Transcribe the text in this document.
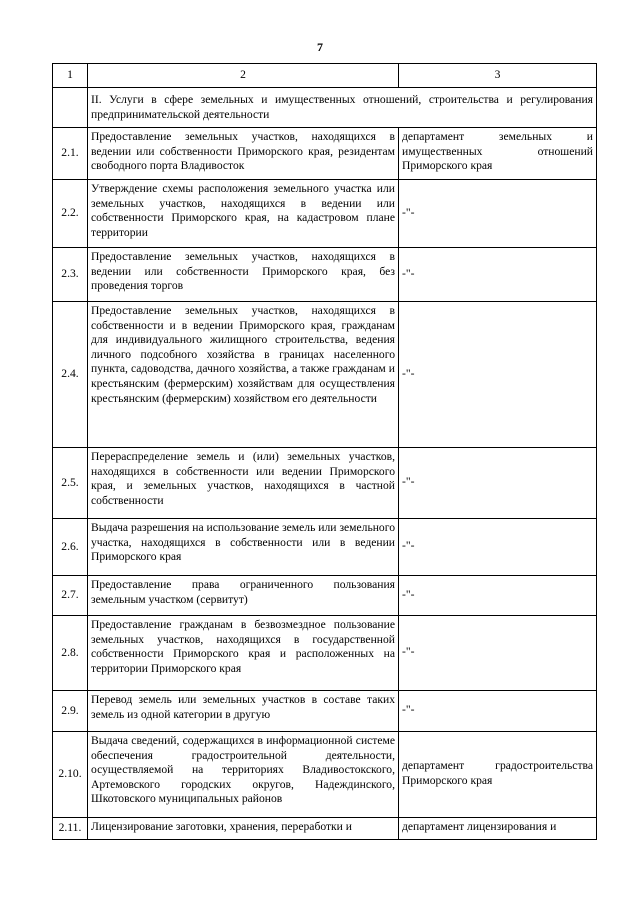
7
1	2	3
	II. Услуги в сфере земельных и имущественных отношений, строительства и регулирования предпринимательской деятельности	
2.1.	Предоставление земельных участков, находящихся в ведении или собственности Приморского края, резидентам свободного порта Владивосток	департамент земельных и имущественных отношений Приморского края
2.2.	Утверждение схемы расположения земельного участка или земельных участков, находящихся в ведении или собственности Приморского края, на кадастровом плане территории	-"-
2.3.	Предоставление земельных участков, находящихся в ведении или собственности Приморского края, без проведения торгов	-"-
2.4.	Предоставление земельных участков, находящихся в собственности и в ведении Приморского края, гражданам для индивидуального жилищного строительства, ведения личного подсобного хозяйства в границах населенного пункта, садоводства, дачного хозяйства, а также гражданам и крестьянским (фермерским) хозяйствам для осуществления крестьянским (фермерским) хозяйством его деятельности	-"-
2.5.	Перераспределение земель и (или) земельных участков, находящихся в собственности или ведении Приморского края, и земельных участков, находящихся в частной собственности	-"-
2.6.	Выдача разрешения на использование земель или земельного участка, находящихся в собственности или в ведении Приморского края	-"-
2.7.	Предоставление права ограниченного пользования земельным участком (сервитут)	-"-
2.8.	Предоставление гражданам в безвозмездное пользование земельных участков, находящихся в государственной собственности Приморского края и расположенных на территории Приморского края	-"-
2.9.	Перевод земель или земельных участков в составе таких земель из одной категории в другую	-"-
2.10.	Выдача сведений, содержащихся в информационной системе обеспечения градостроительной деятельности, осуществляемой на территориях Владивостокского, Артемовского городских округов, Надеждинского, Шкотовского муниципальных районов	департамент градостроительства Приморского края
2.11.	Лицензирование заготовки, хранения, переработки и	департамент лицензирования и
